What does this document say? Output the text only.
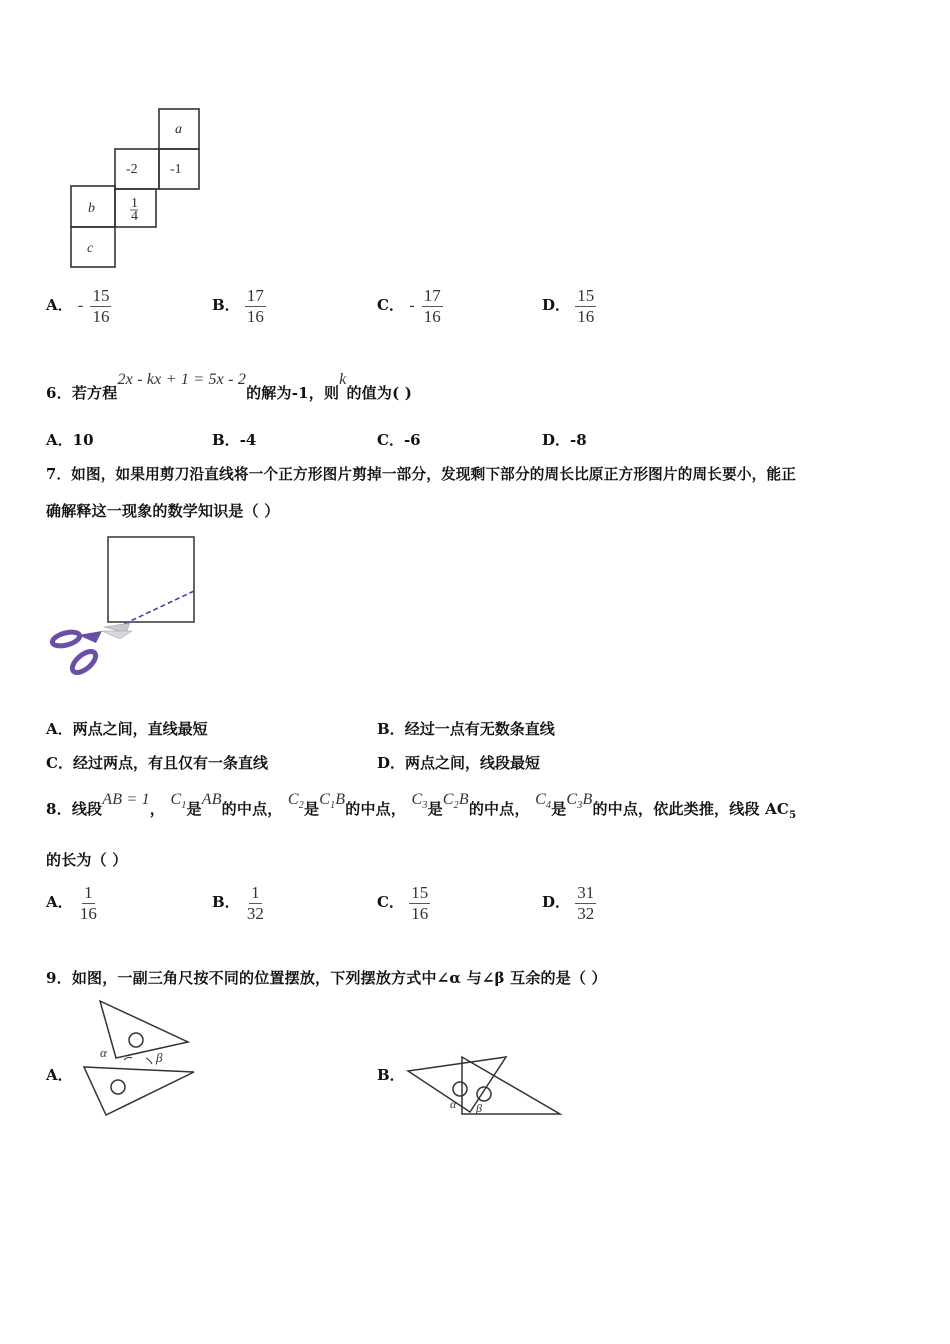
a
-2 -1
b	1
4
c
A． - $\frac{15}{16}$	B． $\frac{17}{16}$	C． - $\frac{17}{16}$	D． $\frac{15}{16}$
6．若方程2x - kx + 1 = 5x - 2的解为-1，则k的值为( )
A．10	B．-4	C．-6	D．-8
7．如图，如果用剪刀沿直线将一个正方形图片剪掉一部分，发现剩下部分的周长比原正方形图片的周长要小，能正
确解释这一现象的数学知识是（ ）
A．两点之间，直线最短	B．经过一点有无数条直线
C．经过两点，有且仅有一条直线	D．两点之间，线段最短
8．线段AB = 1， $C_1$是AB的中点， $C_2$是$C_1B$的中点， $C_3$是$C_2B$的中点， $C_4$是$C_3B$的中点，依此类推，线段 $AC_5$
的长为（ ）
A． $\frac{1}{16}$	B． $\frac{1}{32}$	C． $\frac{15}{16}$	D． $\frac{31}{32}$
9．如图，一副三角尺按不同的位置摆放，下列摆放方式中∠α 与∠β 互余的是（ ）
A．
α	β
B．
α β
